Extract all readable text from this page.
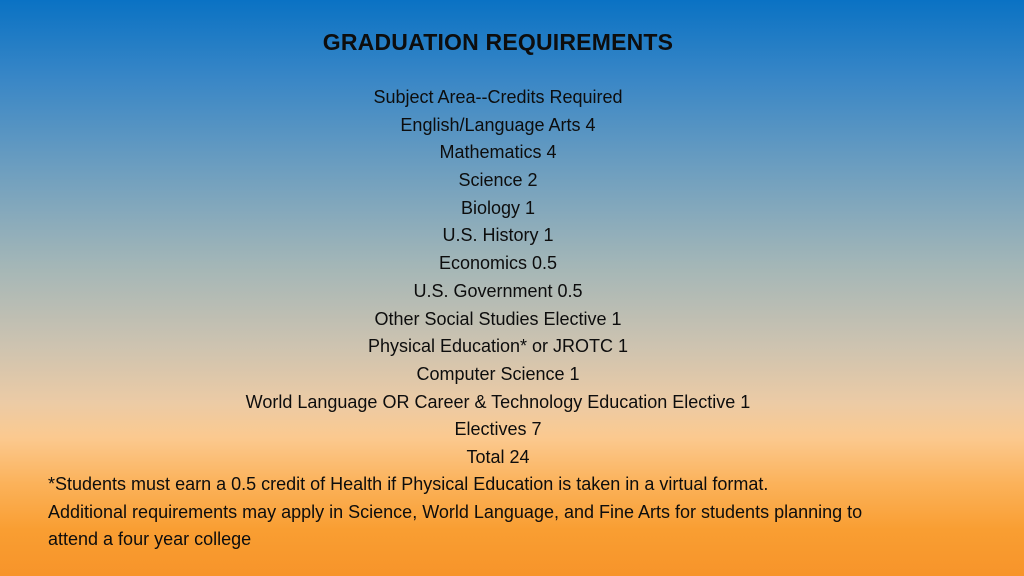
GRADUATION REQUIREMENTS
Subject Area--Credits Required
English/Language Arts 4
Mathematics 4
Science 2
Biology 1
U.S. History 1
Economics 0.5
U.S. Government 0.5
Other Social Studies Elective 1
Physical Education* or JROTC 1
Computer Science 1
World Language OR Career & Technology Education Elective 1
Electives 7
Total 24
*Students must earn a 0.5 credit of Health if Physical Education is taken in a virtual format.
Additional requirements may apply in Science, World Language, and Fine Arts for students planning to
attend a four year college
